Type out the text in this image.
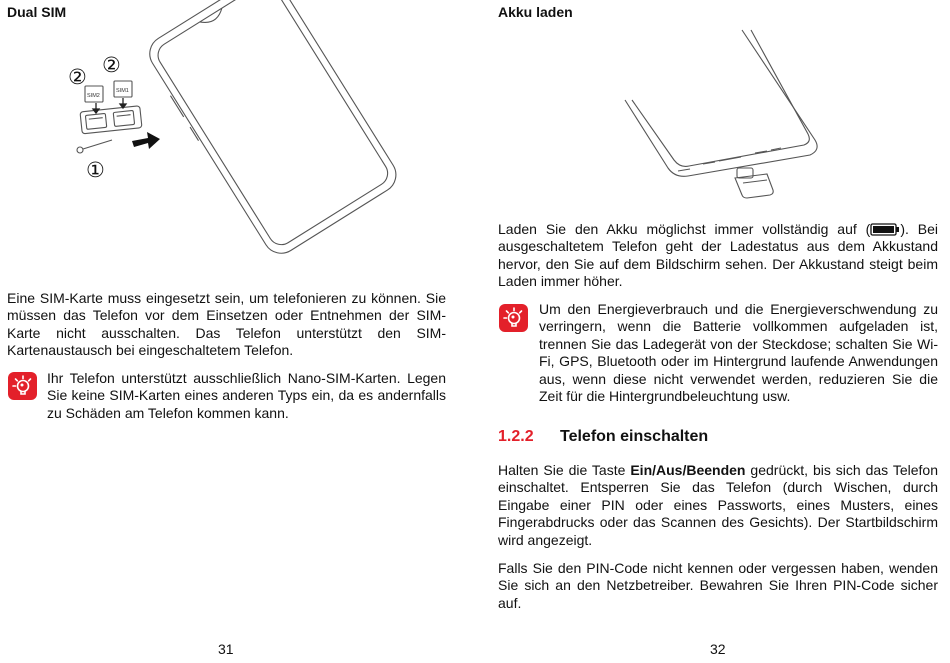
Dual SIM
SIM2
SIM1
② ②
①

Eine SIM-Karte muss eingesetzt sein, um telefonieren zu können. Sie müssen das Telefon vor dem Einsetzen oder Entnehmen der SIM-Karte nicht ausschalten. Das Telefon unterstützt den SIM-Kartenaustausch bei eingeschaltetem Telefon.

Ihr Telefon unterstützt ausschließlich Nano-SIM-Karten. Legen Sie keine SIM-Karten eines anderen Typs ein, da es andernfalls zu Schäden am Telefon kommen kann.

31
Akku laden

Laden Sie den Akku möglichst immer vollständig auf ( ). Bei ausgeschaltetem Telefon geht der Ladestatus aus dem Akkustand hervor, den Sie auf dem Bildschirm sehen. Der Akkustand steigt beim Laden immer höher.

Um den Energieverbrauch und die Energieverschwendung zu verringern, wenn die Batterie vollkommen aufgeladen ist, trennen Sie das Ladegerät von der Steckdose; schalten Sie Wi-Fi, GPS, Bluetooth oder im Hintergrund laufende Anwendungen aus, wenn diese nicht verwendet werden, reduzieren Sie die Zeit für die Hintergrundbeleuchtung usw.

1.2.2 Telefon einschalten

Halten Sie die Taste Ein/Aus/Beenden gedrückt, bis sich das Telefon einschaltet. Entsperren Sie das Telefon (durch Wischen, durch Eingabe einer PIN oder eines Passworts, eines Musters, eines Fingerabdrucks oder das Scannen des Gesichts). Der Startbildschirm wird angezeigt.

Falls Sie den PIN-Code nicht kennen oder vergessen haben, wenden Sie sich an den Netzbetreiber. Bewahren Sie Ihren PIN-Code sicher auf.

32
